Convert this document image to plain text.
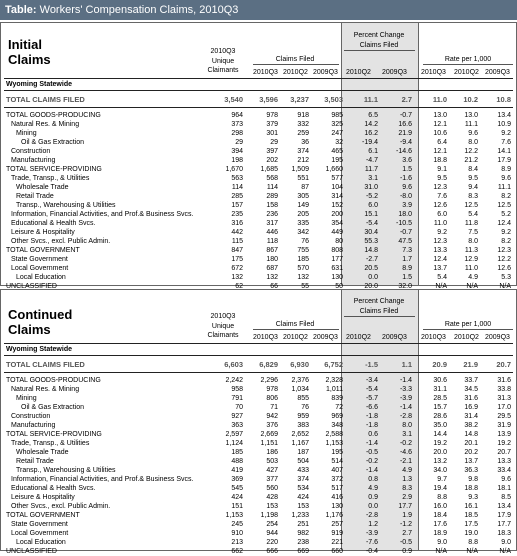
Table: Workers' Compensation Claims, 2010Q3
Initial
Claims
2010Q3
Unique
Claimants
Claims Filed
Percent Change
Claims Filed
Rate per 1,000
2010Q3 2010Q2 2009Q3 2010Q2 2009Q3 2010Q3 2010Q2 2009Q3
Wyoming Statewide
TOTAL CLAIMS FILED	3,540 3,596 3,237 3,503	11.1	2.7	11.0 10.2 10.8
TOTAL GOODS-PRODUCING	964	978	918	985	6.5	-0.7	13.0 13.0	13.4
Natural Res. & Mining	373	379	332	325	14.2	16.6	12.1	11.1	10.9
Mining	298	301	259	247	16.2	21.9	10.6	9.6	9.2
Oil & Gas Extraction	29	29	36	32	-19.4	-9.4	6.4	8.0	7.6
Construction	394	397	374	465	6.1	-14.6	12.1 12.2	14.1
Manufacturing	198	202	212	195	-4.7	3.6	18.8 21.2	17.9
TOTAL SERVICE-PROVIDING	1,670 1,685 1,509 1,660	11.7	1.5	9.1	8.4	8.9
Trade, Transp., & Utilities	563	568	551	577	3.1	-1.6	9.5	9.5	9.6
Wholesale Trade	114	114	87	104	31.0	9.6	12.3	9.4	11.1
Retail Trade	285	289	305	314	-5.2	-8.0	7.6	8.3	8.2
Transp., Warehousing & Utilities	157	158	149	152	6.0	3.9	12.6 12.5	12.5
Information, Financial Activities, and Prof.& Business Svcs.	235	236	205	200	15.1	18.0	6.0	5.4	5.2
Educational & Health Svcs.	316	317	335	354	-5.4	-10.5	11.0	11.8	12.4
Leisure & Hospitality	442	446	342	449	30.4	-0.7	9.2	7.5	9.2
Other Svcs., excl. Public Admin.	115	118	76	80	55.3	47.5	12.3	8.0	8.2
TOTAL GOVERNMENT	847	867	755	808	14.8	7.3	13.3	11.3	12.3
State Government	175	180	185	177	-2.7	1.7	12.4 12.9	12.2
Local Government	672	687	570	631	20.5	8.9	13.7	11.0	12.6
Local Education	132	132	132	130	0.0	1.5	5.4	4.9	5.3
UNCLASSIFIED	62	66	55	50	20.0	32.0	N/A	N/A	N/A
Continued
Claims
2010Q3
Unique
Claimants
Claims Filed
Percent Change
Claims Filed
Rate per 1,000
2010Q3 2010Q2 2009Q3 2010Q2 2009Q3 2010Q3 2010Q2 2009Q3
Wyoming Statewide
TOTAL CLAIMS FILED	6,603 6,829 6,930 6,752	-1.5	1.1	20.9 21.9 20.7
TOTAL GOODS-PRODUCING	2,242 2,296 2,376 2,328	-3.4	-1.4	30.6 33.7	31.6
Natural Res. & Mining	958	978 1,034 1,011	-5.4	-3.3	31.1 34.5	33.8
Mining	791	806	855	839	-5.7	-3.9	28.5 31.6	31.3
Oil & Gas Extraction	70	71	76	72	-6.6	-1.4	15.7 16.9	17.0
Construction	927	942	959	969	-1.8	-2.8	28.6 31.4	29.5
Manufacturing	363	376	383	348	-1.8	8.0	35.0 38.2	31.9
TOTAL SERVICE-PROVIDING	2,597 2,669 2,652 2,588	0.6	3.1	14.4 14.8	13.9
Trade, Transp., & Utilities	1,124 1,151 1,167 1,153	-1.4	-0.2	19.2 20.1	19.2
Wholesale Trade	185	186	187	195	-0.5	-4.6	20.0 20.2	20.7
Retail Trade	488	503	504	514	-0.2	-2.1	13.2 13.7	13.3
Transp., Warehousing & Utilities	419	427	433	407	-1.4	4.9	34.0 36.3	33.4
Information, Financial Activities, and Prof.& Business Svcs.	369	377	374	372	0.8	1.3	9.7	9.8	9.6
Educational & Health Svcs.	545	560	534	517	4.9	8.3	19.4 18.8	18.1
Leisure & Hospitality	424	428	424	416	0.9	2.9	8.8	9.3	8.5
Other Svcs., excl. Public Admin.	151	153	153	130	0.0	17.7	16.0 16.1	13.4
TOTAL GOVERNMENT	1,153 1,198 1,233 1,176	-2.8	1.9	18.4 18.5	17.9
State Government	245	254	251	257	1.2	-1.2	17.6 17.5	17.7
Local Government	910	944	982	919	-3.9	2.7	18.9 19.0	18.3
Local Education	213	220	238	221	-7.6	-0.5	9.0	8.8	9.0
UNCLASSIFIED	662	666	669	660	-0.4	0.9	N/A	N/A	N/A
